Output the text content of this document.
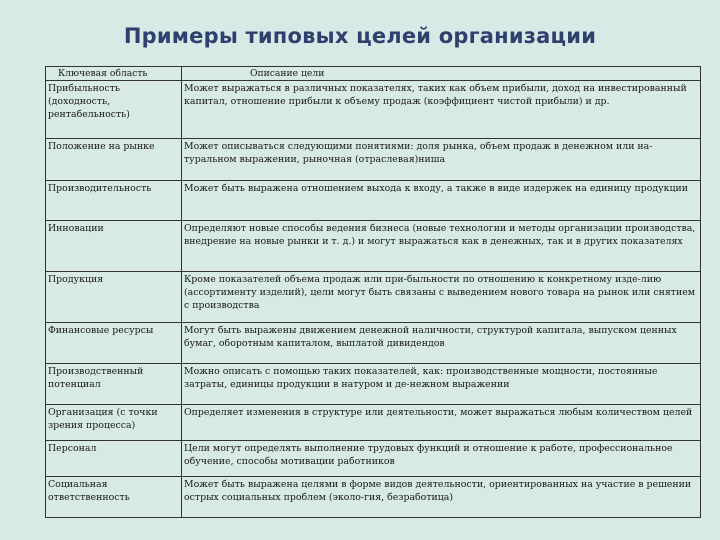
Примеры типовых целей организации
Ключевая область	Описание цели
Прибыльность (доходность, рентабельность)	Может выражаться в различных показателях, таких как объем прибыли, доход на инвестированный капитал, отношение прибыли к объему продаж (коэффициент чистой прибыли) и др.
Положение на рынке	Может описываться следующими понятиями: доля рынка, объем продаж в денежном или на-туральном выражении, рыночная (отраслевая)ниша
Производительность	Может быть выражена отношением выхода к входу, а также в виде издержек на единицу продукции
Инновации	Определяют новые способы ведения бизнеса (новые технологии и методы организации производства, внедрение на новые рынки и т. д.) и могут выражаться как в денежных, так и в других показателях
Продукция	Кроме показателей объема продаж или при-быльности по отношению к конкретному изде-лию (ассортименту изделий), цели могут быть связаны с выведением нового товара на рынок или снятием с производства
Финансовые ресурсы	Могут быть выражены движением денежной наличности, структурой капитала, выпуском ценных бумаг, оборотным капиталом, выплатой дивидендов
Производственный потенциал	Можно описать с помощью таких показателей, как: производственные мощности, постоянные затраты, единицы продукции в натуром и де-нежном выражении
Организация (с точки зрения процесса)	Определяет изменения в структуре или деятельности, может выражаться любым количеством целей
Персонал	Цели могут определять выполнение трудовых функций и отношение к работе, профессиональное обучение, способы мотивации работников
Социальная ответственность	Может быть выражена целями в форме видов деятельности, ориентированных на участие в решении острых социальных проблем (эколо-гия, безработица)
